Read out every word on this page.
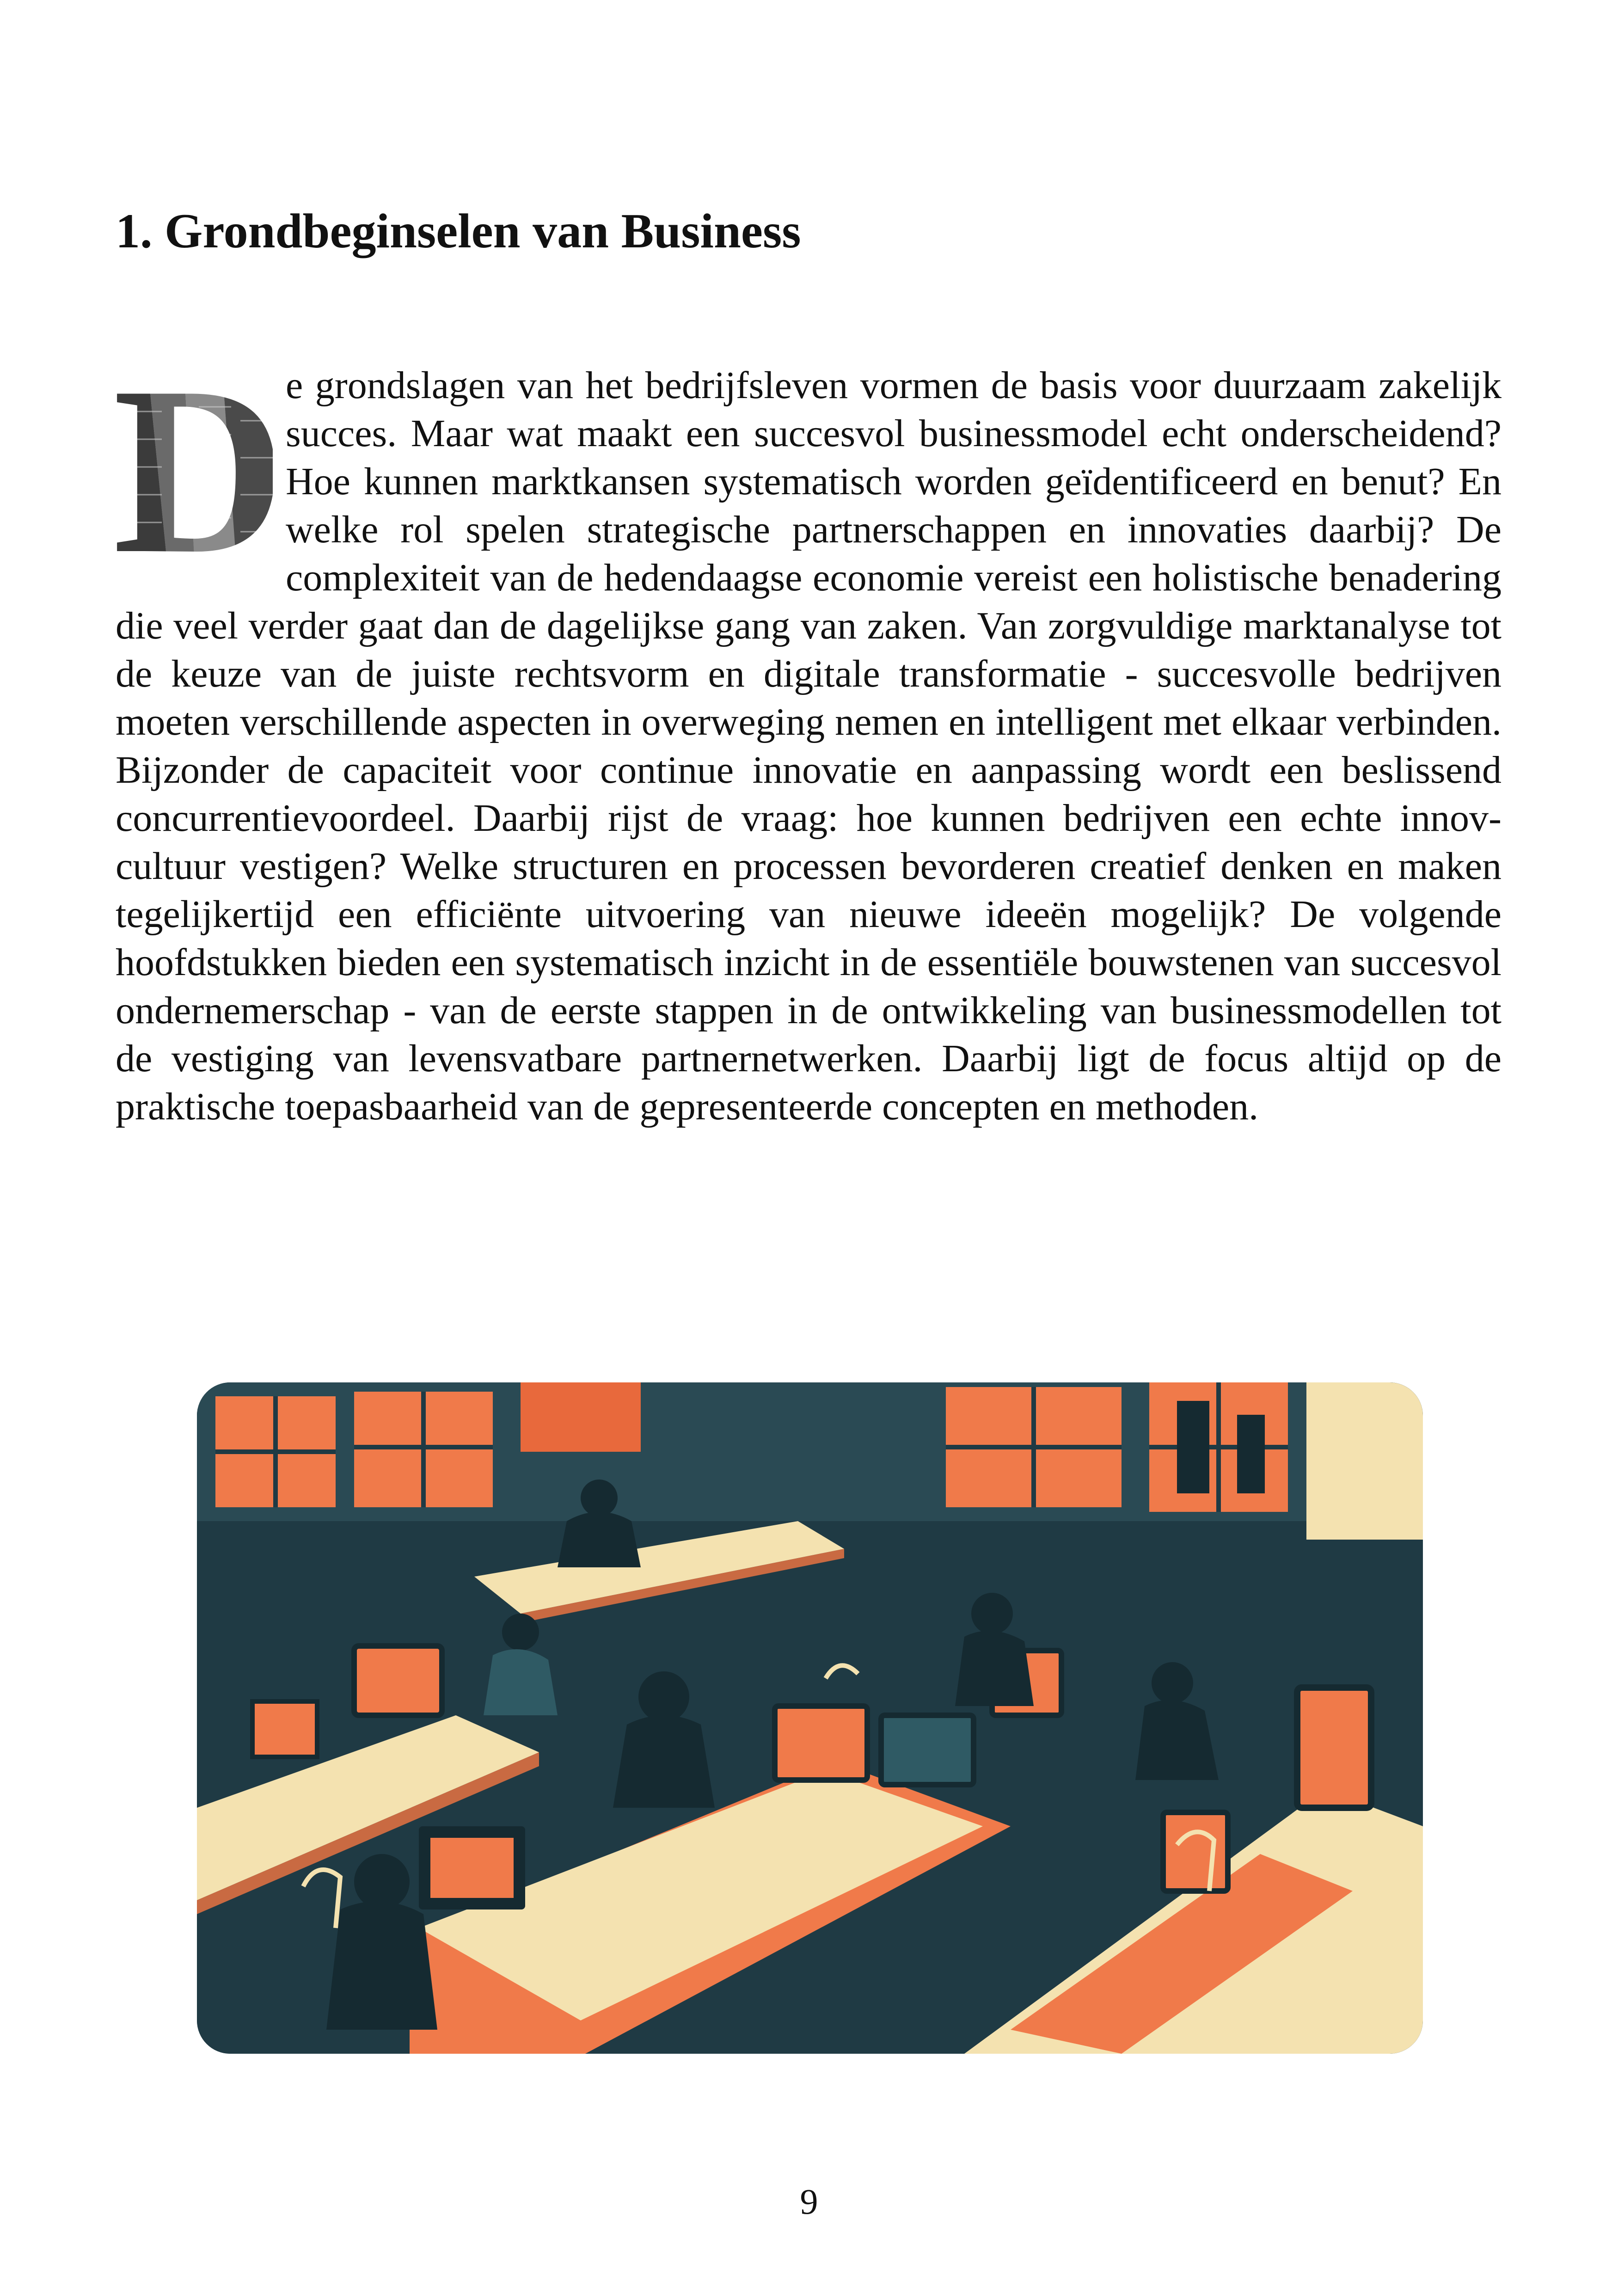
1. Grondbeginselen van Business

e grondslagen van het bedrijfsleven vormen de basis voor duurzaam zakelijk succes. Maar wat maakt een succesvol businessmodel echt onderscheidend? Hoe kunnen marktkansen systematisch worden geïdentificeerd en benut? En welke rol spelen strategische partnerschappen en innovaties daarbij? De complexiteit van de hedendaagse economie vereist een holistische benadering die veel verder gaat dan de dagelijkse gang van zaken. Van zorgvuldige marktanalyse tot de keuze van de juiste rechtsvorm en digitale transformatie - succesvolle bedrijven moeten verschillende aspecten in overweging nemen en intelligent met elkaar verbinden. Bijzonder de capaciteit voor continue innovatie en aanpassing wordt een beslissend concurrentievoordeel. Daarbij rijst de vraag: hoe kunnen bedrijven een echte innov-cultuur vestigen? Welke structuren en processen bevorderen creatief denken en maken tegelijkertijd een efficiënte uitvoering van nieuwe ideeën mogelijk? De volgende hoofdstukken bieden een systematisch inzicht in de essentiële bouwstenen van succesvol ondernemerschap - van de eerste stappen in de ontwikkeling van businessmodellen tot de vestiging van levensvatbare partnernetwerken. Daarbij ligt de focus altijd op de praktische toepasbaarheid van de gepresenteerde concepten en methoden.

9
